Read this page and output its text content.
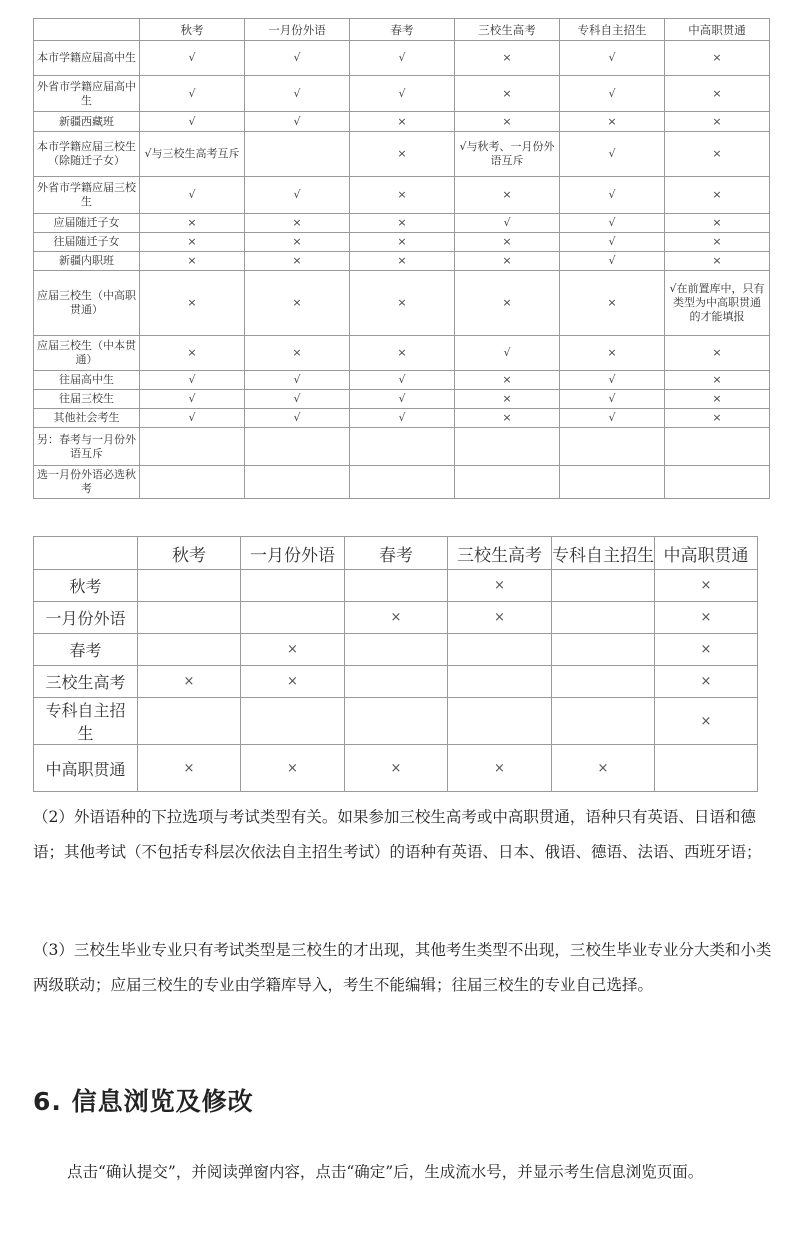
	秋考	一月份外语	春考	三校生高考	专科自主招生	中高职贯通
本市学籍应届高中生	√	√	√	×	√	×
外省市学籍应届高中生	√	√	√	×	√	×
新疆西藏班	√	√	×	×	×	×
本市学籍应届三校生（除随迁子女）	√与三校生高考互斥		×	√与秋考、一月份外语互斥	√	×
外省市学籍应届三校生	√	√	×	×	√	×
应届随迁子女	×	×	×	√	√	×
往届随迁子女	×	×	×	×	√	×
新疆内职班	×	×	×	×	√	×
应届三校生（中高职贯通）	×	×	×	×	×	√在前置库中，只有类型为中高职贯通的才能填报
应届三校生（中本贯通）	×	×	×	√	×	×
往届高中生	√	√	√	×	√	×
往届三校生	√	√	√	×	√	×
其他社会考生	√	√	√	×	√	×
另：春考与一月份外语互斥						
选一月份外语必选秋考						
	秋考	一月份外语	春考	三校生高考	专科自主招生	中高职贯通
秋考				×		×
一月份外语			×	×		×
春考		×				×
三校生高考	×	×				×
专科自主招生						×
中高职贯通	×	×	×	×	×	

（2）外语语种的下拉选项与考试类型有关。如果参加三校生高考或中高职贯通，语种只有英语、日语和德语；其他考试（不包括专科层次依法自主招生考试）的语种有英语、日本、俄语、德语、法语、西班牙语；

（3）三校生毕业专业只有考试类型是三校生的才出现，其他考生类型不出现，三校生毕业专业分大类和小类两级联动；应届三校生的专业由学籍库导入，考生不能编辑；往届三校生的专业自己选择。

6. 信息浏览及修改

点击“确认提交”，并阅读弹窗内容，点击“确定”后，生成流水号，并显示考生信息浏览页面。
